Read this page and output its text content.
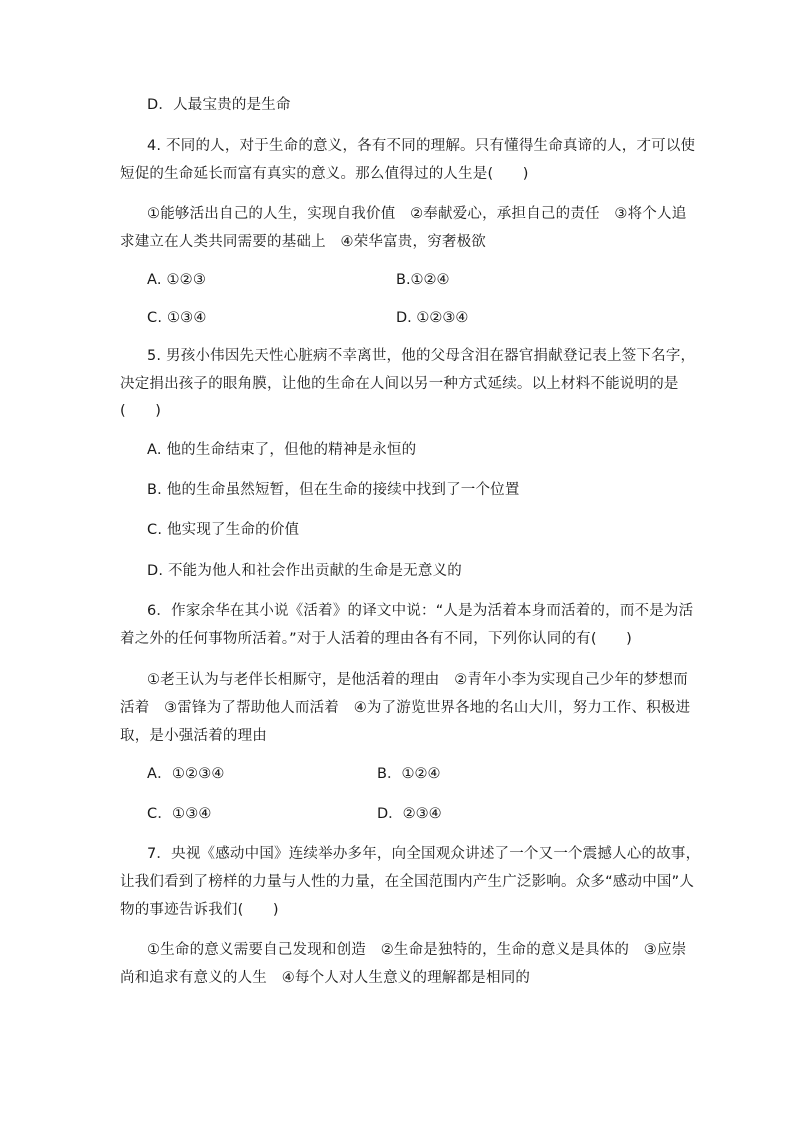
D．人最宝贵的是生命
4. 不同的人，对于生命的意义，各有不同的理解。只有懂得生命真谛的人，才可以使
短促的生命延长而富有真实的意义。那么值得过的人生是(　　)
①能够活出自己的人生，实现自我价值　②奉献爱心，承担自己的责任　③将个人追
求建立在人类共同需要的基础上　④荣华富贵，穷奢极欲
A. ①②③	B.①②④
C. ①③④	D. ①②③④
5. 男孩小伟因先天性心脏病不幸离世，他的父母含泪在器官捐献登记表上签下名字，
决定捐出孩子的眼角膜，让他的生命在人间以另一种方式延续。以上材料不能说明的是
(　　)
A. 他的生命结束了，但他的精神是永恒的
B. 他的生命虽然短暂，但在生命的接续中找到了一个位置
C. 他实现了生命的价值
D. 不能为他人和社会作出贡献的生命是无意义的
6．作家余华在其小说《活着》的译文中说：“人是为活着本身而活着的，而不是为活
着之外的任何事物所活着。”对于人活着的理由各有不同，下列你认同的有(　　)
①老王认为与老伴长相厮守，是他活着的理由　②青年小李为实现自己少年的梦想而
活着　③雷锋为了帮助他人而活着　④为了游览世界各地的名山大川，努力工作、积极进
取，是小强活着的理由
A．①②③④	B．①②④
C．①③④	D．②③④
7．央视《感动中国》连续举办多年，向全国观众讲述了一个又一个震撼人心的故事，
让我们看到了榜样的力量与人性的力量，在全国范围内产生广泛影响。众多“感动中国”人
物的事迹告诉我们(　　)
①生命的意义需要自己发现和创造　②生命是独特的，生命的意义是具体的　③应崇
尚和追求有意义的人生　④每个人对人生意义的理解都是相同的
